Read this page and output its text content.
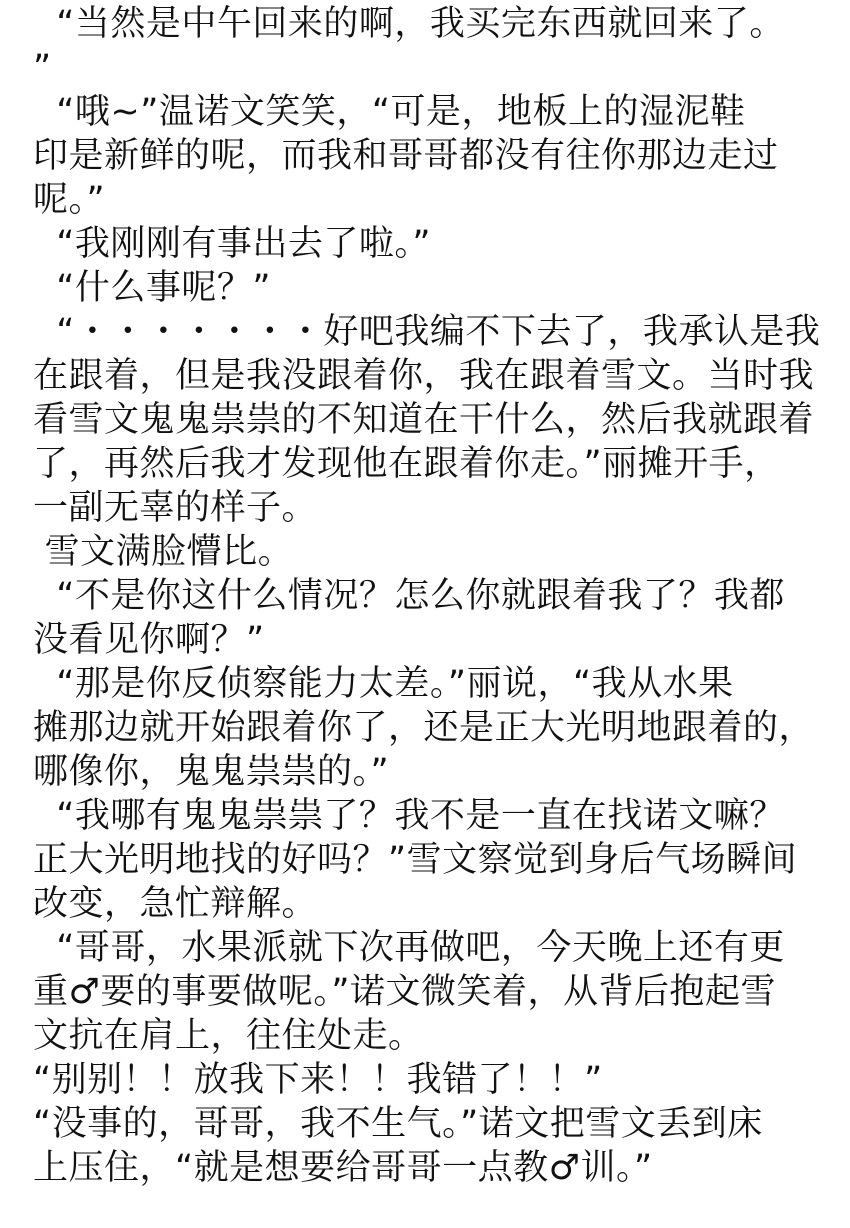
“当然是中午回来的啊，我买完东西就回来了。
”
“哦~”温诺文笑笑，“可是，地板上的湿泥鞋
印是新鲜的呢，而我和哥哥都没有往你那边走过
呢。”
“我刚刚有事出去了啦。”
“什么事呢？”
“・・・・・・・好吧我编不下去了，我承认是我
在跟着，但是我没跟着你，我在跟着雪文。当时我
看雪文鬼鬼祟祟的不知道在干什么，然后我就跟着
了，再然后我才发现他在跟着你走。”丽摊开手，
一副无辜的样子。
雪文满脸懵比。
“不是你这什么情况？怎么你就跟着我了？我都
没看见你啊？”
“那是你反侦察能力太差。”丽说，“我从水果
摊那边就开始跟着你了，还是正大光明地跟着的，
哪像你，鬼鬼祟祟的。”
“我哪有鬼鬼祟祟了？我不是一直在找诺文嘛？
正大光明地找的好吗？”雪文察觉到身后气场瞬间
改变，急忙辩解。
“哥哥，水果派就下次再做吧，今天晚上还有更
重♂要的事要做呢。”诺文微笑着，从背后抱起雪
文抗在肩上，往住处走。
“别别！！放我下来！！我错了！！”
“没事的，哥哥，我不生气。”诺文把雪文丢到床
上压住，“就是想要给哥哥一点教♂训。”
